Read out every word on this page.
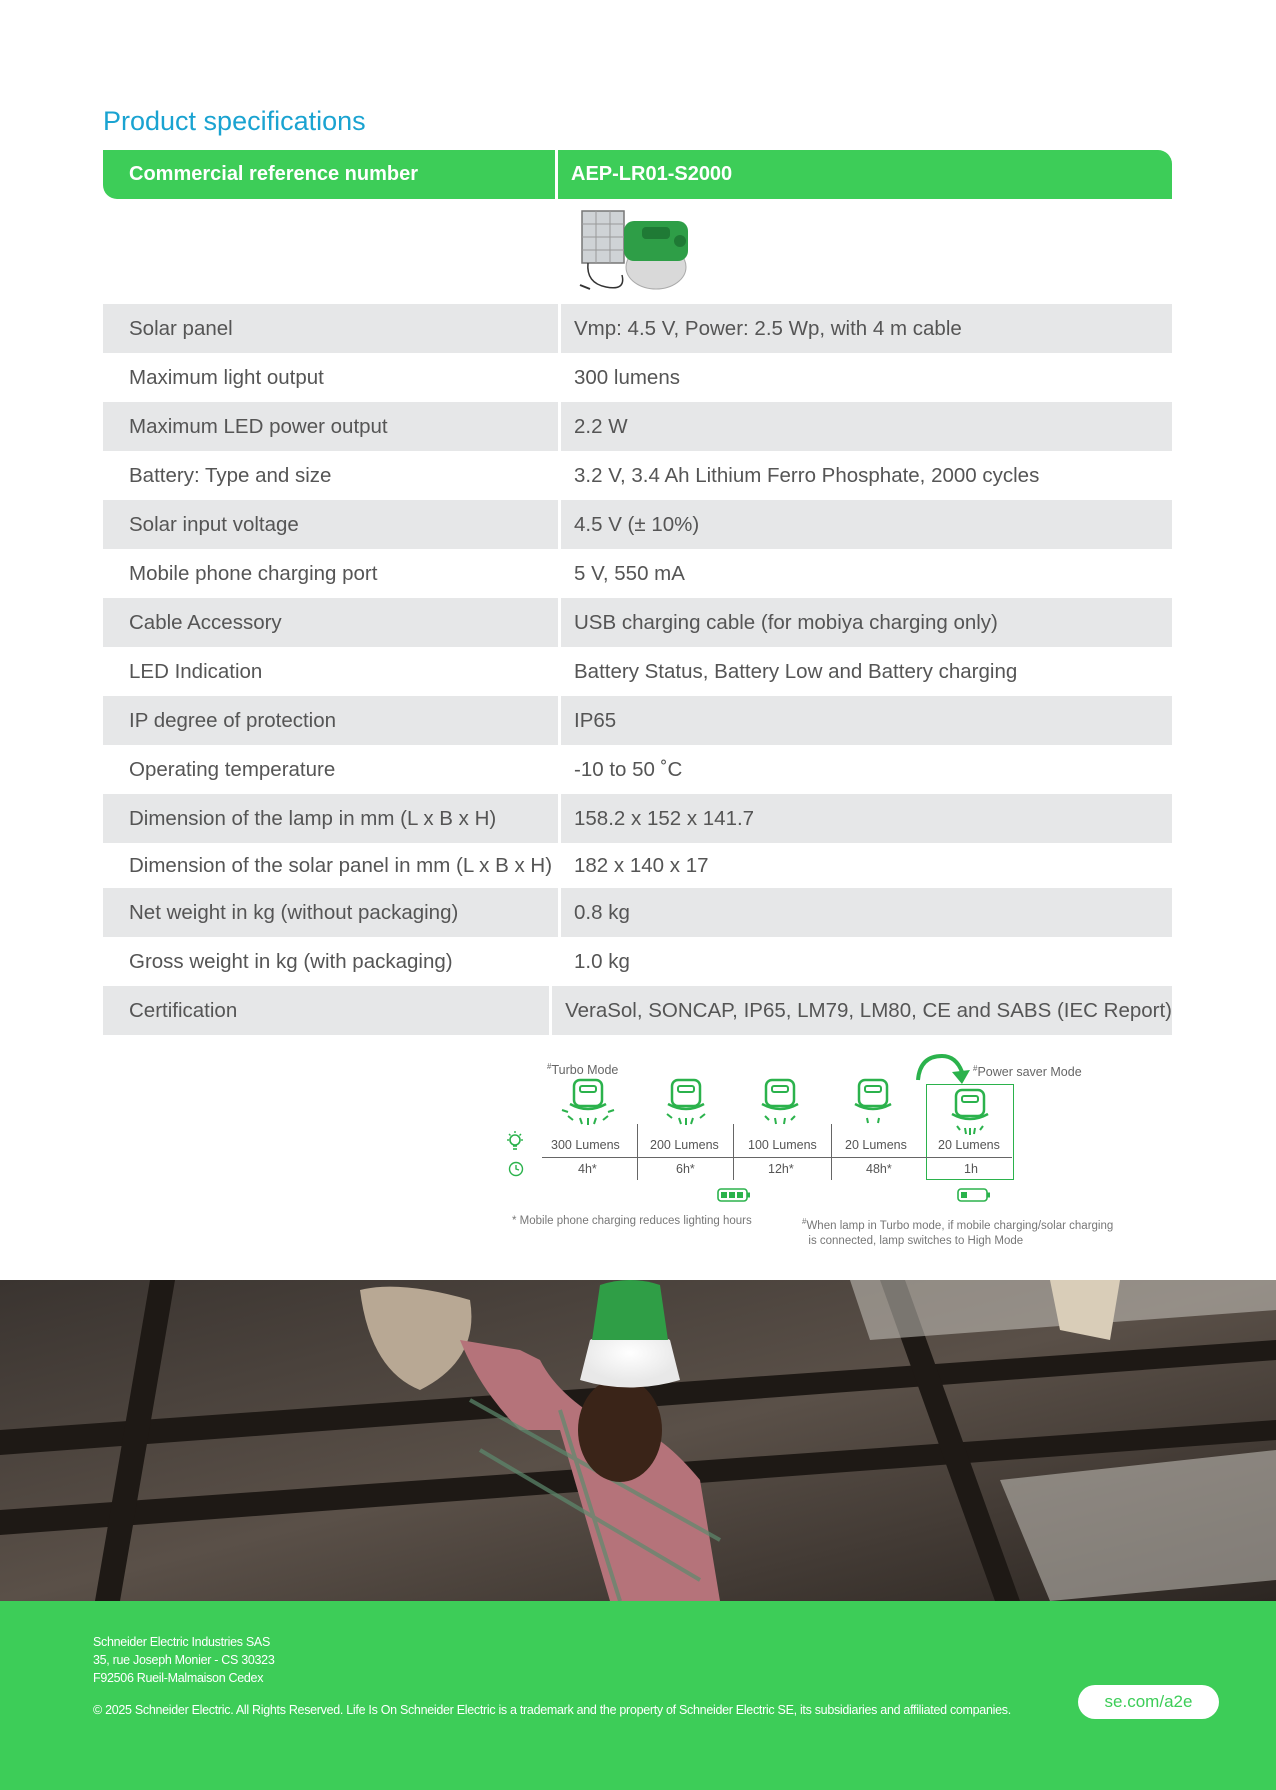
Product specifications
Commercial reference number	AEP-LR01-S2000
Solar panel	Vmp: 4.5 V, Power: 2.5 Wp, with 4 m cable
Maximum light output	300 lumens
Maximum LED power output	2.2 W
Battery: Type and size	3.2 V, 3.4 Ah Lithium Ferro Phosphate, 2000 cycles
Solar input voltage	4.5 V (± 10%)
Mobile phone charging port	5 V, 550 mA
Cable Accessory	USB charging cable (for mobiya charging only)
LED Indication	Battery Status, Battery Low and Battery charging
IP degree of protection	IP65
Operating temperature	-10 to 50 ˚C
Dimension of the lamp in mm (L x B x H)	158.2 x 152 x 141.7
Dimension of the solar panel in mm (L x B x H)	182 x 140 x 17
Net weight in kg (without packaging)	0.8 kg
Gross weight in kg (with packaging)	1.0 kg
Certification	VeraSol, SONCAP, IP65, LM79, LM80, CE and SABS (IEC Report)
#Turbo Mode	#Power saver Mode
300 Lumens 200 Lumens 100 Lumens 20 Lumens 20 Lumens
4h*	6h*	12h*	48h*	1h
* Mobile phone charging reduces lighting hours	#When lamp in Turbo mode, if mobile charging/solar charging
is connected, lamp switches to High Mode
Schneider Electric Industries SAS
35, rue Joseph Monier - CS 30323
F92506 Rueil-Malmaison Cedex
© 2025 Schneider Electric. All Rights Reserved. Life Is On Schneider Electric is a trademark and the property of Schneider Electric SE, its subsidiaries and affiliated companies.	se.com/a2e
